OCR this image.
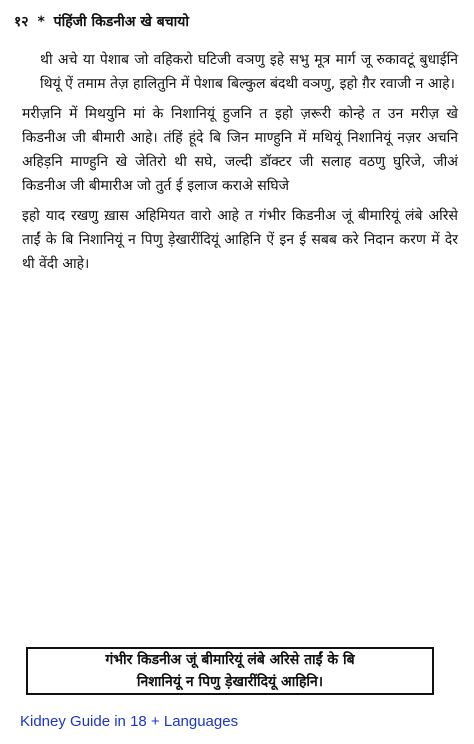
१२ * पंहिंजी किडनीअ खे बचायो

थी अचे या पेशाब जो वहिकरो घटिजी वञणु इहे सभु मूत्र मार्ग जू रुकावटूं बुधाईनि थियूं ऐं तमाम तेज़ हालितुनि में पेशाब बिल्कुल बंदथी वञणु, इहो ग़ैर रवाजी न आहे।

मरीज़नि में मिथयुनि मां के निशानियूं हुजनि त इहो ज़रूरी कोन्हे त उन मरीज़ खे किडनीअ जी बीमारी आहे। तंहिं हूंदे बि जिन माण्हुनि में मथियूं निशानियूं नज़र अचनि अहिड़नि माण्हुनि खे जेतिरो थी सघे, जल्दी डॉक्टर जी सलाह वठणु घुरिजे, जीअं किडनीअ जी बीमारीअ जो तुर्त ई इलाज कराअे सघिजे

इहो याद रखणु ख़ास अहिमियत वारो आहे त गंभीर किडनीअ जूं बीमारियूं लंबे अरिसे ताईं के बि निशानियूं न पिणु ड़ेखारींदियूं आहिनि ऐं इन ई सबब करे निदान करण में देर थी वेंदी आहे।

गंभीर किडनीअ जूं बीमारियूं लंबे अरिसे ताईं के बि
निशानियूं न पिणु ड़ेखारींदियूं आहिनि।
Kidney Guide in 18 + Languages
